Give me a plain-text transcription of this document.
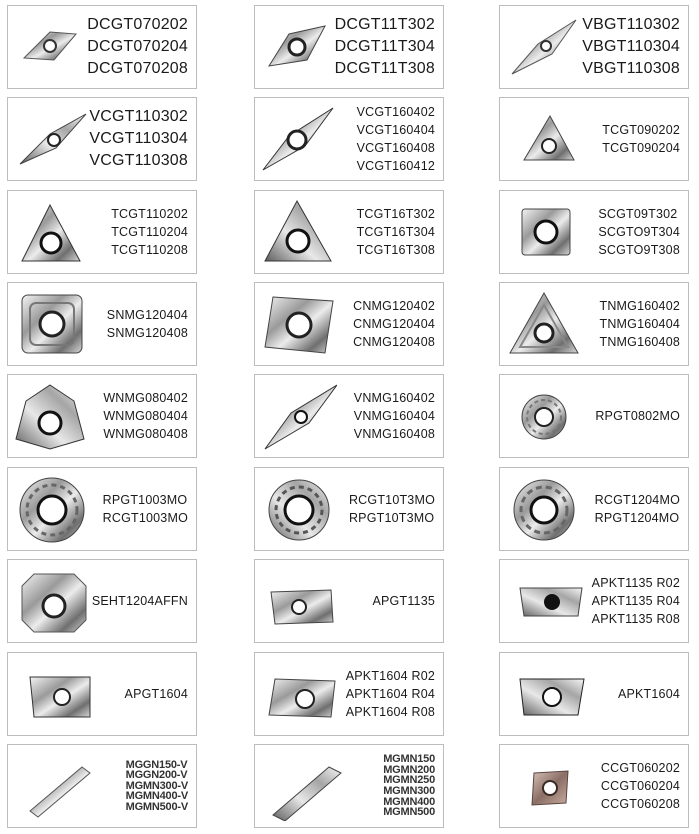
DCGT070202
DCGT070204
DCGT070208
DCGT11T302
DCGT11T304
DCGT11T308
VBGT110302
VBGT110304
VBGT110308
VCGT110302
VCGT110304
VCGT110308
VCGT160402
VCGT160404
VCGT160408
VCGT160412
TCGT090202
TCGT090204
TCGT110202
TCGT110204
TCGT110208
TCGT16T302
TCGT16T304
TCGT16T308
SCGT09T302
SCGTO9T304
SCGTO9T308
SNMG120404
SNMG120408
CNMG120402
CNMG120404
CNMG120408
TNMG160402
TNMG160404
TNMG160408
WNMG080402
WNMG080404
WNMG080408
VNMG160402
VNMG160404
VNMG160408
RPGT0802MO
RPGT1003MO
RCGT1003MO
RCGT10T3MO
RPGT10T3MO
RCGT1204MO
RPGT1204MO
SEHT1204AFFN	APGT1135
APKT1135 R02
APKT1135 R04
APKT1135 R08
APGT1604
APKT1604 R02
APKT1604 R04
APKT1604 R08
APKT1604
MGGN150-V
MGGN200-V
MGMN300-V
MGMN400-V
MGMN500-V
MGMN150
MGMN200
MGMN250
MGMN300
MGMN400
MGMN500
CCGT060202
CCGT060204
CCGT060208
